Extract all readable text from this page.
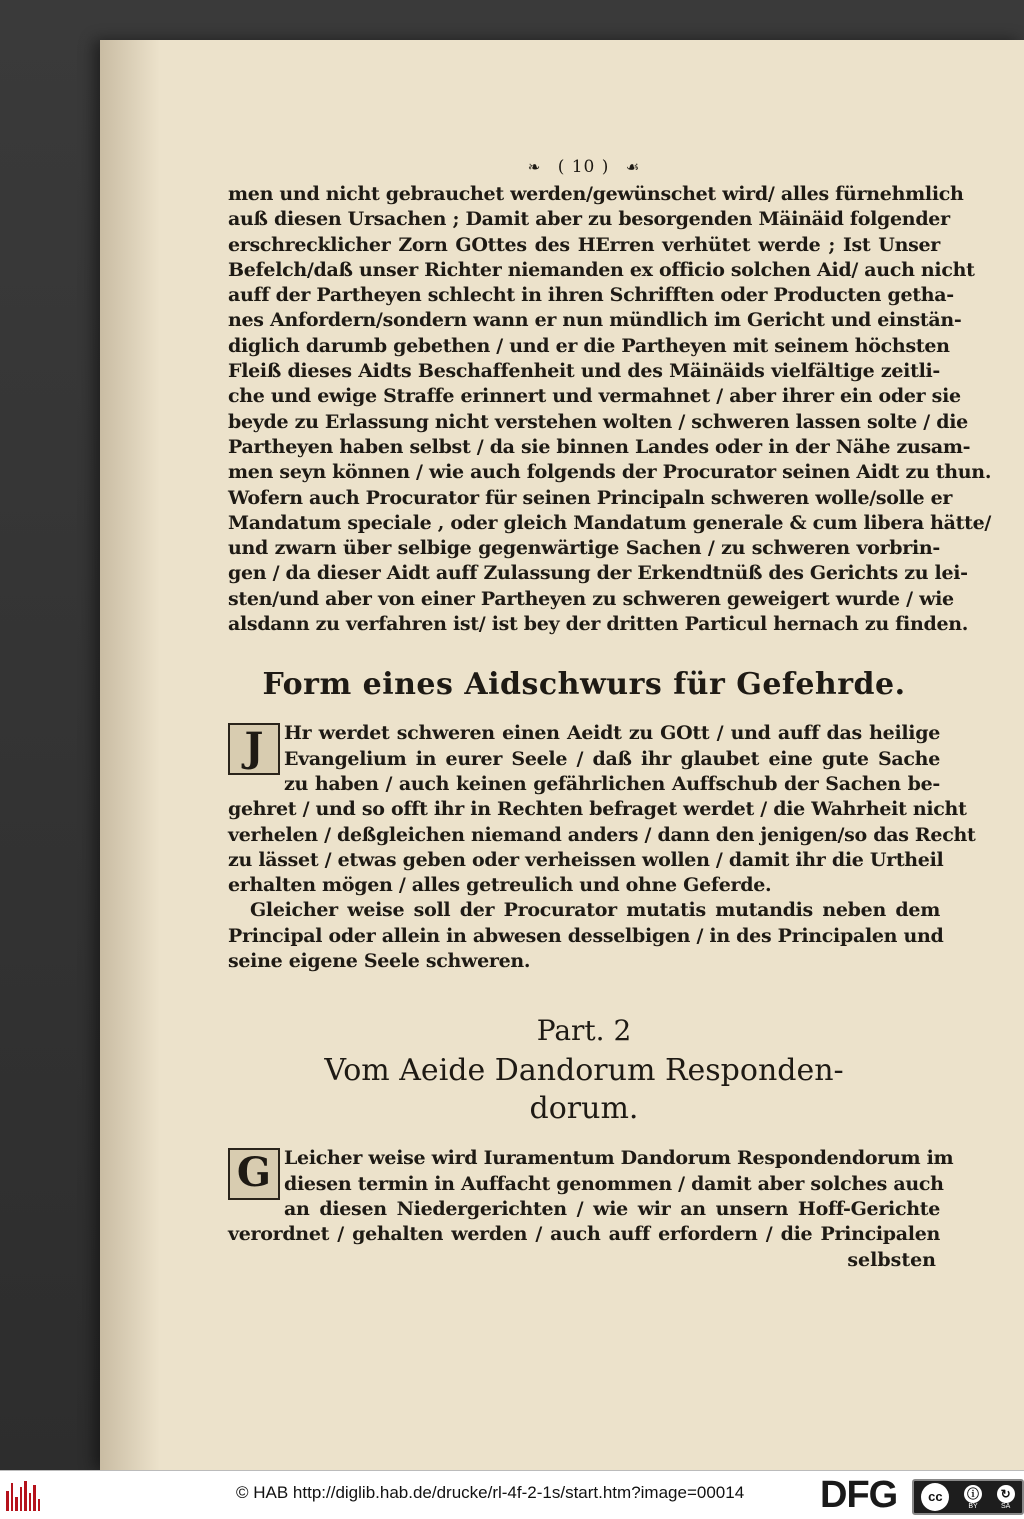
❧ ( 10 ) ☙
men und nicht gebrauchet werden/gewünschet wird/ alles fürnehmlich
auß diesen Ursachen ; Damit aber zu besorgenden Mäinäid folgender
erschrecklicher Zorn GOttes des HErren verhütet werde ; Ist Unser
Befelch/daß unser Richter niemanden ex officio solchen Aid/ auch nicht
auff der Partheyen schlecht in ihren Schrifften oder Producten getha-
nes Anfordern/sondern wann er nun mündlich im Gericht und einstän-
diglich darumb gebethen / und er die Partheyen mit seinem höchsten
Fleiß dieses Aidts Beschaffenheit und des Mäinäids vielfältige zeitli-
che und ewige Straffe erinnert und vermahnet / aber ihrer ein oder sie
beyde zu Erlassung nicht verstehen wolten / schweren lassen solte / die
Partheyen haben selbst / da sie binnen Landes oder in der Nähe zusam-
men seyn können / wie auch folgends der Procurator seinen Aidt zu thun.
Wofern auch Procurator für seinen Principaln schweren wolle/solle er
Mandatum speciale , oder gleich Mandatum generale & cum libera hätte/
und zwarn über selbige gegenwärtige Sachen / zu schweren vorbrin-
gen / da dieser Aidt auff Zulassung der Erkendtnüß des Gerichts zu lei-
sten/und aber von einer Partheyen zu schweren geweigert wurde / wie
alsdann zu verfahren ist/ ist bey der dritten Particul hernach zu finden.
Form eines Aidschwurs für Gefehrde.
J	Hr werdet schweren einen Aeidt zu GOtt / und auff das heilige
Evangelium in eurer Seele / daß ihr glaubet eine gute Sache
zu haben / auch keinen gefährlichen Auffschub der Sachen be-
gehret / und so offt ihr in Rechten befraget werdet / die Wahrheit nicht
verhelen / deßgleichen niemand anders / dann den jenigen/so das Recht
zu lässet / etwas geben oder verheissen wollen / damit ihr die Urtheil
erhalten mögen / alles getreulich und ohne Geferde.
Gleicher weise soll der Procurator mutatis mutandis neben dem
Principal oder allein in abwesen desselbigen / in des Principalen und
seine eigene Seele schweren.
Part. 2
Vom Aeide Dandorum Responden-
dorum.
G Leicher weise wird Iuramentum Dandorum Respondendorum im
diesen termin in Auffacht genommen / damit aber solches auch
an diesen Niedergerichten / wie wir an unsern Hoff-Gerichte
verordnet / gehalten werden / auch auff erfordern / die Principalen
selbsten
© HAB http://diglib.hab.de/drucke/rl-4f-2-1s/start.htm?image=00014 DFG	cc	ⓘ
BY
↻
SA
